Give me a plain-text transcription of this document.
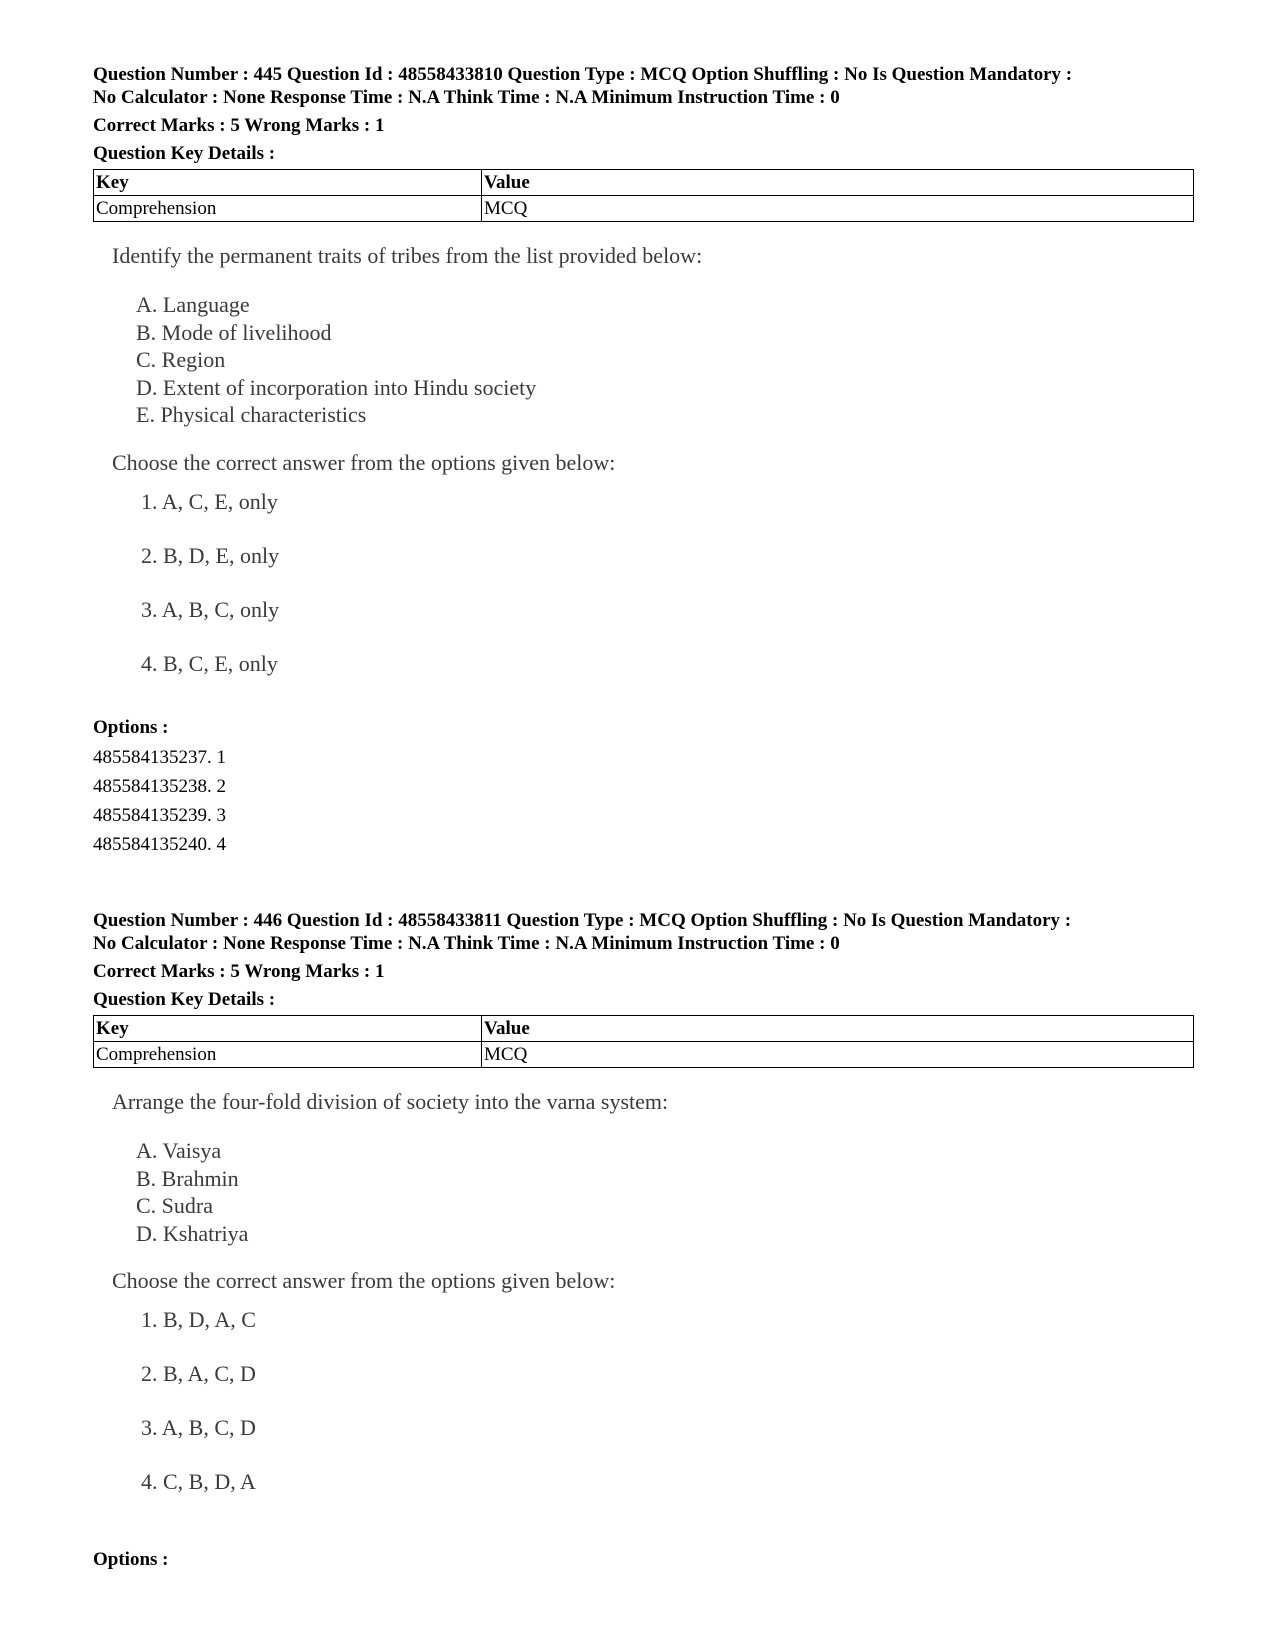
Question Number : 445 Question Id : 48558433810 Question Type : MCQ Option Shuffling : No Is Question Mandatory :
No Calculator : None Response Time : N.A Think Time : N.A Minimum Instruction Time : 0
Correct Marks : 5 Wrong Marks : 1
Question Key Details :
Key	Value
Comprehension	MCQ
Identify the permanent traits of tribes from the list provided below:
A. Language
B. Mode of livelihood
C. Region
D. Extent of incorporation into Hindu society
E. Physical characteristics
Choose the correct answer from the options given below:
1. A, C, E, only
2. B, D, E, only
3. A, B, C, only
4. B, C, E, only
Options :
485584135237. 1
485584135238. 2
485584135239. 3
485584135240. 4
Question Number : 446 Question Id : 48558433811 Question Type : MCQ Option Shuffling : No Is Question Mandatory :
No Calculator : None Response Time : N.A Think Time : N.A Minimum Instruction Time : 0
Correct Marks : 5 Wrong Marks : 1
Question Key Details :
Key	Value
Comprehension	MCQ
Arrange the four-fold division of society into the varna system:
A. Vaisya
B. Brahmin
C. Sudra
D. Kshatriya
Choose the correct answer from the options given below:
1. B, D, A, C
2. B, A, C, D
3. A, B, C, D
4. C, B, D, A
Options :
